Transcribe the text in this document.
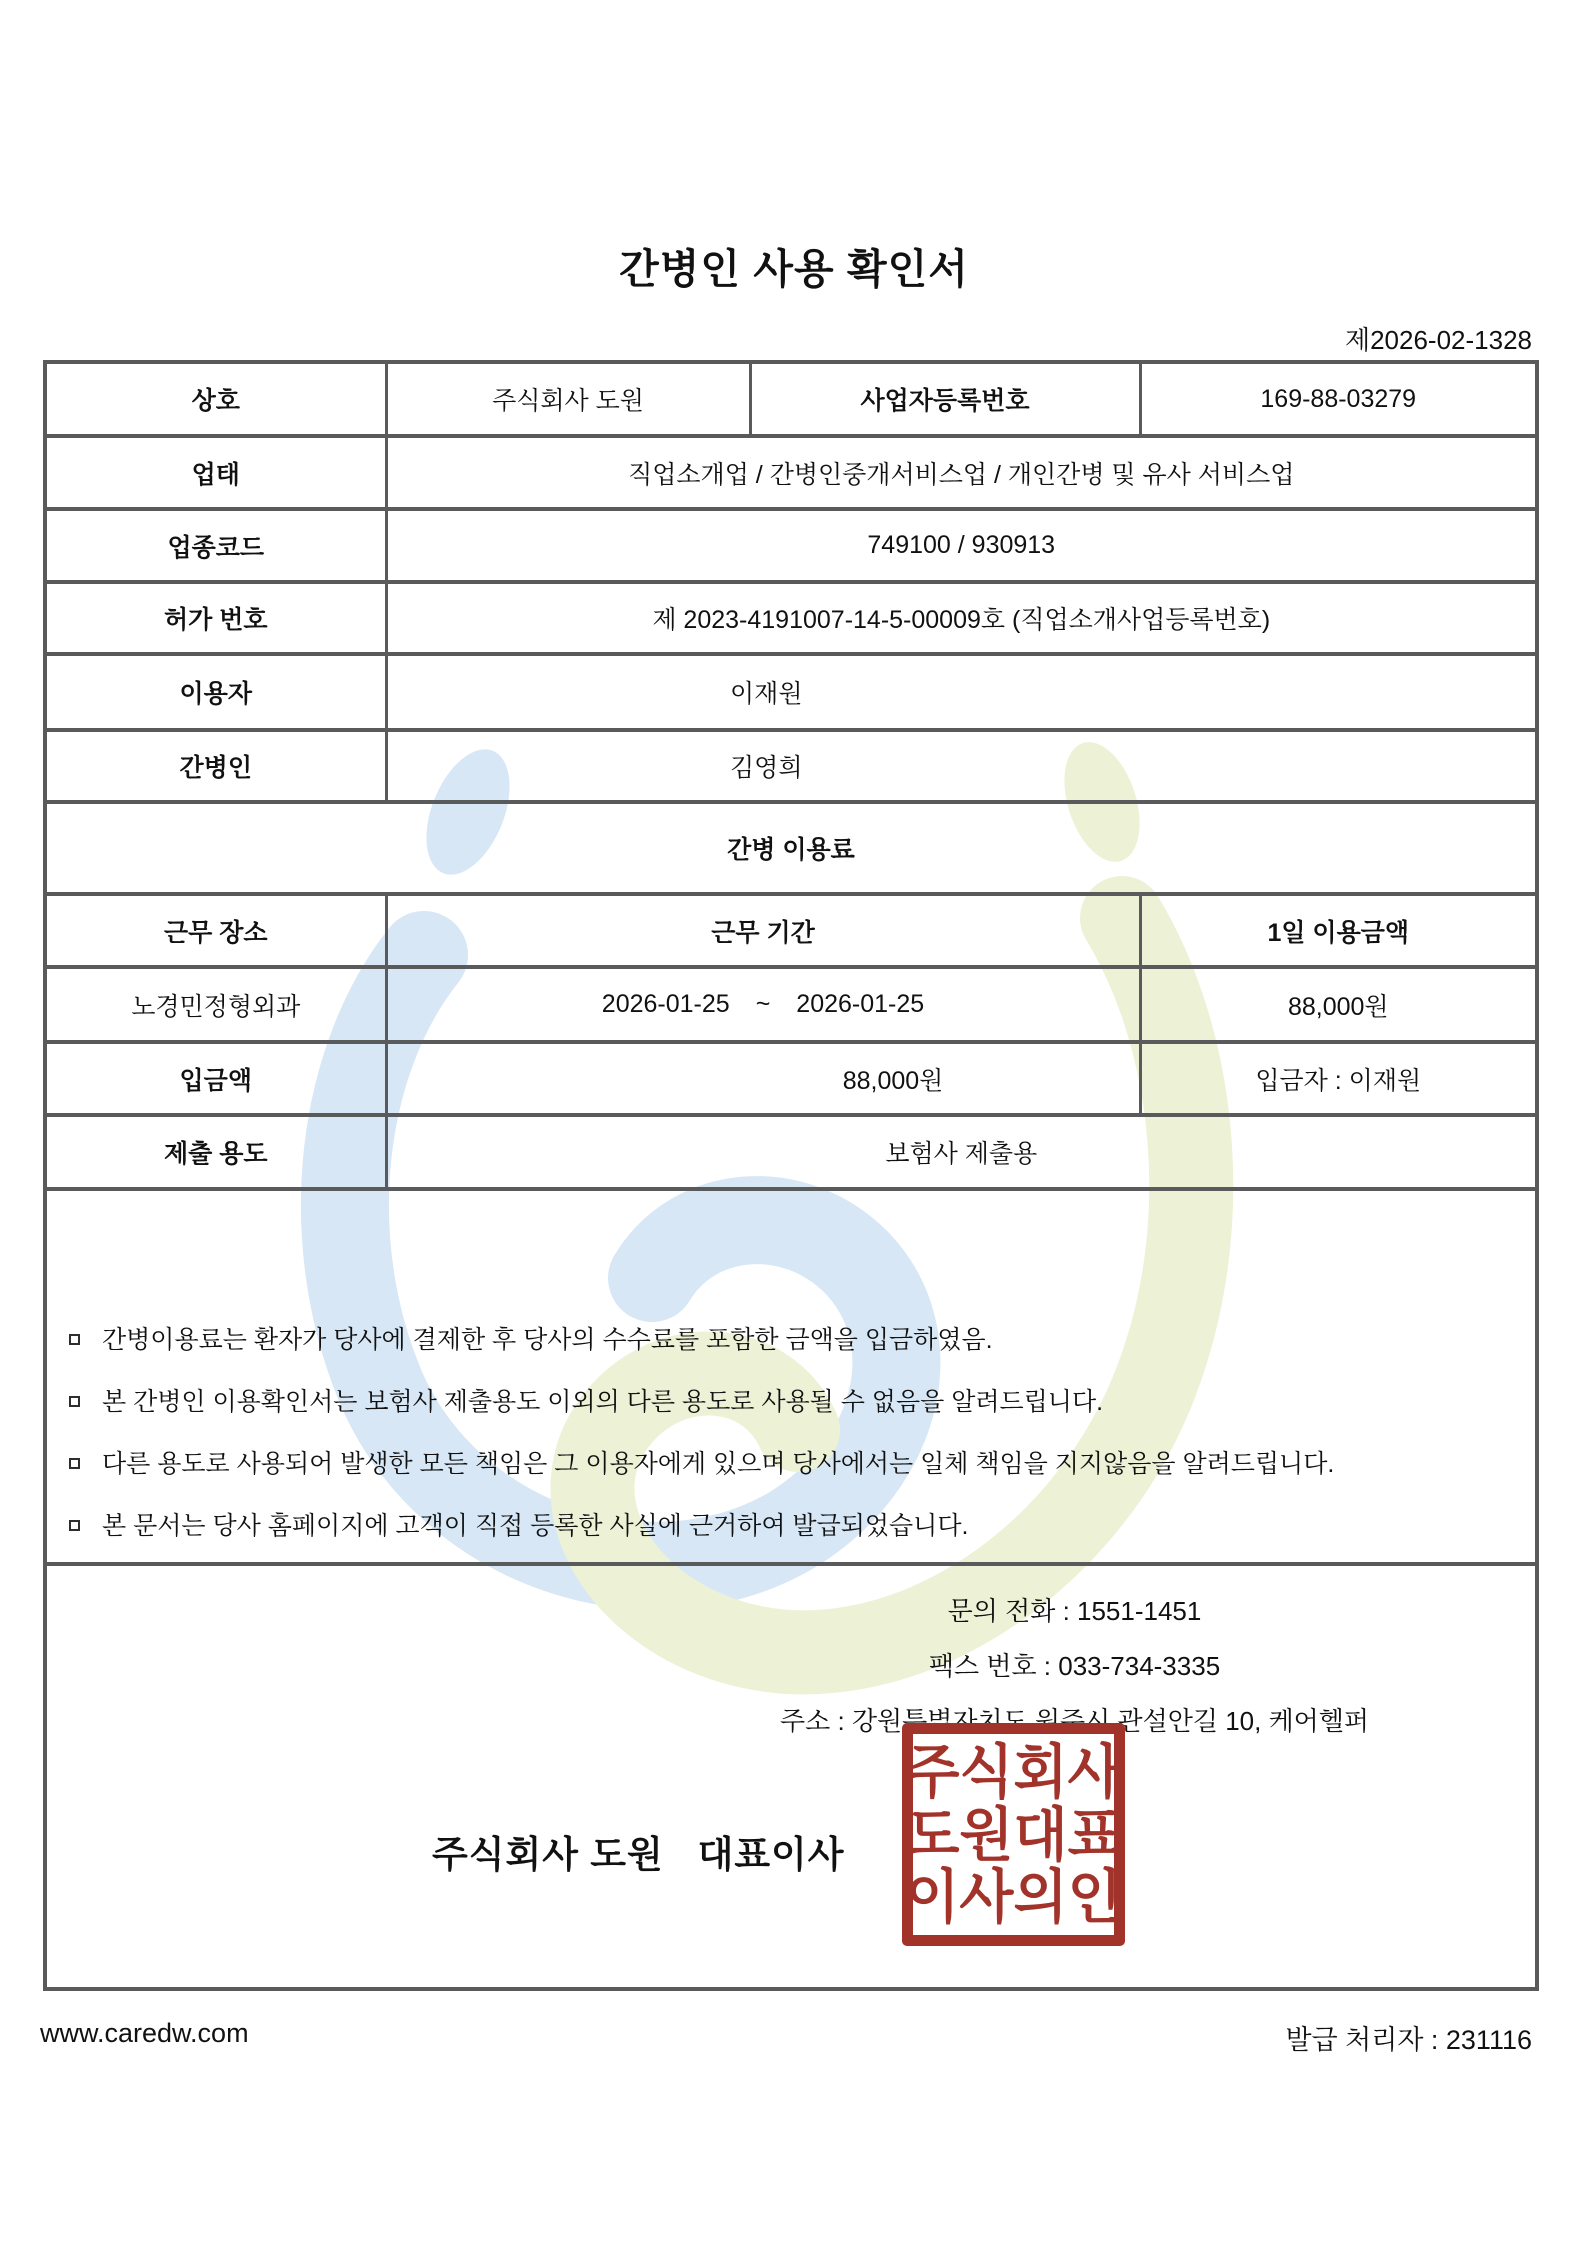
간병인 사용 확인서
제2026-02-1328
상호	주식회사 도원	사업자등록번호	169-88-03279
업태	직업소개업 / 간병인중개서비스업 / 개인간병 및 유사 서비스업		
업종코드	749100 / 930913		
허가 번호	제 2023-4191007-14-5-00009호 (직업소개사업등록번호)		
이용자	이재원		
간병인	김영희		
간병 이용료			
근무 장소	근무 기간		1일 이용금액
노경민정형외과	2026-01-25 ~ 2026-01-25		88,000원
입금액	88,000원		입금자 : 이재원
제출 용도	보험사 제출용		

간병이용료는 환자가 당사에 결제한 후 당사의 수수료를 포함한 금액을 입금하였음.
본 간병인 이용확인서는 보험사 제출용도 이외의 다른 용도로 사용될 수 없음을 알려드립니다.
다른 용도로 사용되어 발생한 모든 책임은 그 이용자에게 있으며 당사에서는 일체 책임을 지지않음을 알려드립니다.
본 문서는 당사 홈페이지에 고객이 직접 등록한 사실에 근거하여 발급되었습니다.			

문의 전화 : 1551-1451
팩스 번호 : 033-734-3335
주소 : 강원특별자치도 원주시 관설안길 10, 케어헬퍼
주식회사 도원   대표이사
주식회사
도원대표
이사의인
www.caredw.com	발급 처리자 : 231116
